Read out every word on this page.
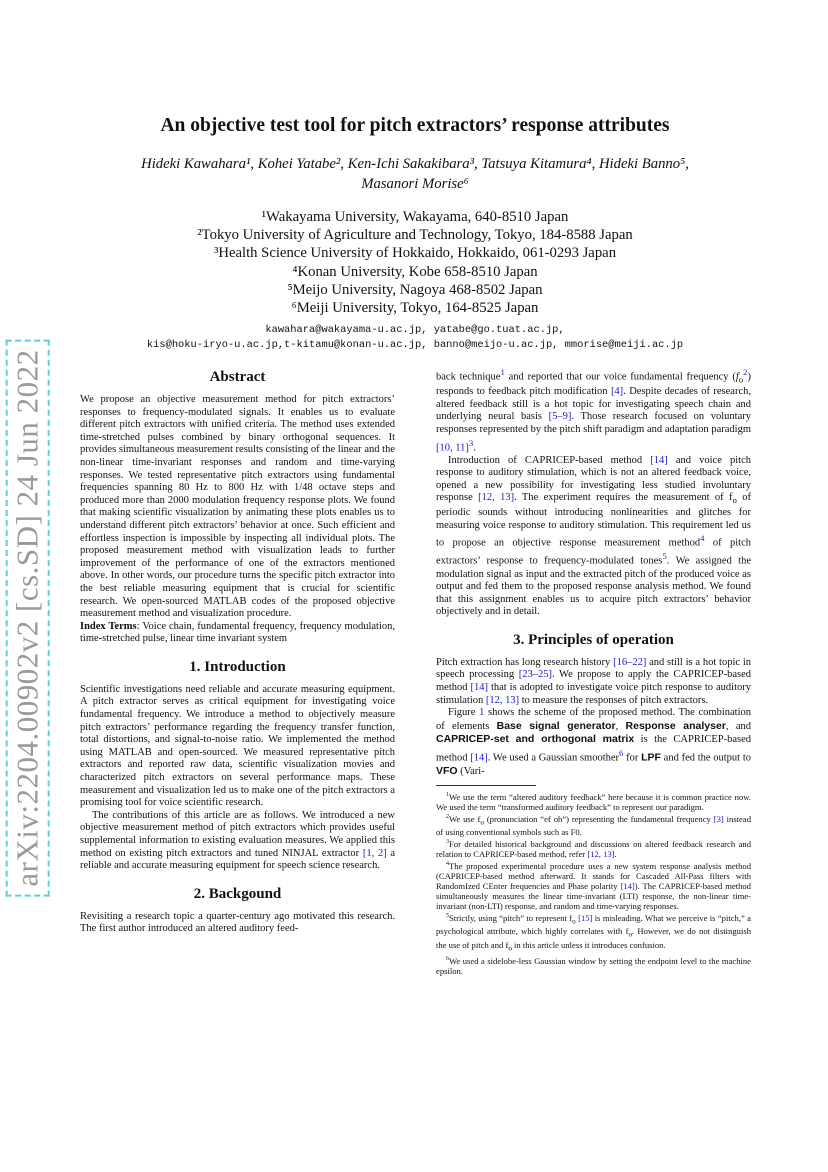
arXiv:2204.00902v2 [cs.SD] 24 Jun 2022
An objective test tool for pitch extractors’ response attributes
Hideki Kawahara¹, Kohei Yatabe², Ken-Ichi Sakakibara³, Tatsuya Kitamura⁴, Hideki Banno⁵,
Masanori Morise⁶
¹Wakayama University, Wakayama, 640-8510 Japan
²Tokyo University of Agriculture and Technology, Tokyo, 184-8588 Japan
³Health Science University of Hokkaido, Hokkaido, 061-0293 Japan
⁴Konan University, Kobe 658-8510 Japan
⁵Meijo University, Nagoya 468-8502 Japan
⁶Meiji University, Tokyo, 164-8525 Japan
kawahara@wakayama-u.ac.jp, yatabe@go.tuat.ac.jp,
kis@hoku-iryo-u.ac.jp,t-kitamu@konan-u.ac.jp, banno@meijo-u.ac.jp, mmorise@meiji.ac.jp
Abstract

We propose an objective measurement method for pitch extractors’ responses to frequency-modulated signals. It enables us to evaluate different pitch extractors with unified criteria. The method uses extended time-stretched pulses combined by binary orthogonal sequences. It provides simultaneous measurement results consisting of the linear and the non-linear time-invariant responses and random and time-varying responses. We tested representative pitch extractors using fundamental frequencies spanning 80 Hz to 800 Hz with 1/48 octave steps and produced more than 2000 modulation frequency response plots. We found that making scientific visualization by animating these plots enables us to understand different pitch extractors’ behavior at once. Such efficient and effortless inspection is impossible by inspecting all individual plots. The proposed measurement method with visualization leads to further improvement of the performance of one of the extractors mentioned above. In other words, our procedure turns the specific pitch extractor into the best reliable measuring equipment that is crucial for scientific research. We open-sourced MATLAB codes of the proposed objective measurement method and visualization procedure.

Index Terms: Voice chain, fundamental frequency, frequency modulation, time-stretched pulse, linear time invariant system

1. Introduction

Scientific investigations need reliable and accurate measuring equipment. A pitch extractor serves as critical equipment for investigating voice fundamental frequency. We introduce a method to objectively measure pitch extractors’ performance regarding the frequency transfer function, total distortions, and signal-to-noise ratio. We implemented the method using MATLAB and open-sourced. We measured representative pitch extractors and reported raw data, scientific visualization movies and characterized pitch extractors on several performance maps. These measurement and visualization led us to make one of the pitch extractors a promising tool for voice scientific research.

The contributions of this article are as follows. We introduced a new objective measurement method of pitch extractors which provides useful supplemental information to existing evaluation measures. We applied this method on existing pitch extractors and tuned NINJAL extractor [1, 2] a reliable and accurate measuring equipment for speech science research.

2. Backgound

Revisiting a research topic a quarter-century ago motivated this research. The first author introduced an altered auditory feed-

back technique$^1$ and reported that our voice fundamental frequency $(f_o^2)$ responds to feedback pitch modification [4]. Despite decades of research, altered feedback still is a hot topic for investigating speech chain and underlying neural basis [5–9]. Those research focused on voluntary responses represented by the pitch shift paradigm and adaptation paradigm [10, 11]$^3$.

Introduction of CAPRICEP-based method [14] and voice pitch response to auditory stimulation, which is not an altered feedback voice, opened a new possibility for investigating less studied involuntary response [12, 13]. The experiment requires the measurement of $f_o$ of periodic sounds without introducing nonlinearities and glitches for measuring voice response to auditory stimulation. This requirement led us to propose an objective response measurement method$^4$ of pitch extractors’ response to frequency-modulated tones$^5$. We assigned the modulation signal as input and the extracted pitch of the produced voice as output and fed them to the proposed response analysis method. We found that this assignment enables us to acquire pitch extractors’ behavior objectively and in detail.

3. Principles of operation

Pitch extraction has long research history [16–22] and still is a hot topic in speech processing [23–25]. We propose to apply the CAPRICEP-based method [14] that is adopted to investigate voice pitch response to auditory stimulation [12, 13] to measure the responses of pitch extractors.

Figure 1 shows the scheme of the proposed method. The combination of elements Base signal generator, Response analyser, and CAPRICEP-set and orthogonal matrix is the CAPRICEP-based method [14]. We used a Gaussian smoother$^6$ for LPF and fed the output to VFO (Vari-

$^1$We use the term “altered auditory feedback” here because it is common practice now. We used the term “transformed auditory feedback” to represent our paradigm.

$^2$We use $f_o$ (pronunciation “ef oh”) representing the fundamental frequency [3] instead of using conventional symbols such as F0.

$^3$For detailed historical background and discussions on altered feedback research and relation to CAPRICEP-based method, refer [12, 13].

$^4$The proposed experimental procedure uses a new system response analysis method (CAPRICEP-based method afterward. It stands for Cascaded All-Pass filters with RandomIzed CEnter frequencies and Phase polarity [14]). The CAPRICEP-based method simultaneously measures the linear time-invariant (LTI) response, the non-linear time-invariant (non-LTI) response, and random and time-varying responses.

$^5$Strictly, using “pitch” to represent $f_o$ [15] is misleading. What we perceive is “pitch,” a psychological attribute, which highly correlates with $f_o$. However, we do not distinguish the use of pitch and $f_o$ in this article unless it introduces confusion.

$^6$We used a sidelobe-less Gaussian window by setting the endpoint level to the machine epsilon.
